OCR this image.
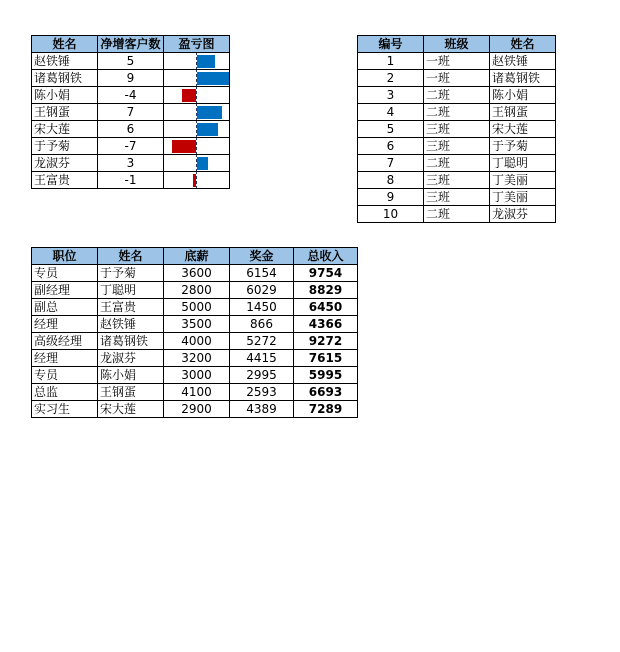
姓名	净增客户数	盈亏图
赵铁锤	5	

诸葛钢铁	9	

陈小娟	-4	

王钢蛋	7	

宋大莲	6	

于予菊	-7	

龙淑芬	3	

王富贵	-1	
编号	班级	姓名
1	一班	赵铁锤
2	一班	诸葛钢铁
3	二班	陈小娟
4	二班	王钢蛋
5	三班	宋大莲
6	三班	于予菊
7	二班	丁聪明
8	三班	丁美丽
9	三班	丁美丽
10	二班	龙淑芬
职位	姓名	底薪	奖金	总收入
专员	于予菊	3600	6154	9754
副经理	丁聪明	2800	6029	8829
副总	王富贵	5000	1450	6450
经理	赵铁锤	3500	866	4366
高级经理	诸葛钢铁	4000	5272	9272
经理	龙淑芬	3200	4415	7615
专员	陈小娟	3000	2995	5995
总监	王钢蛋	4100	2593	6693
实习生	宋大莲	2900	4389	7289
